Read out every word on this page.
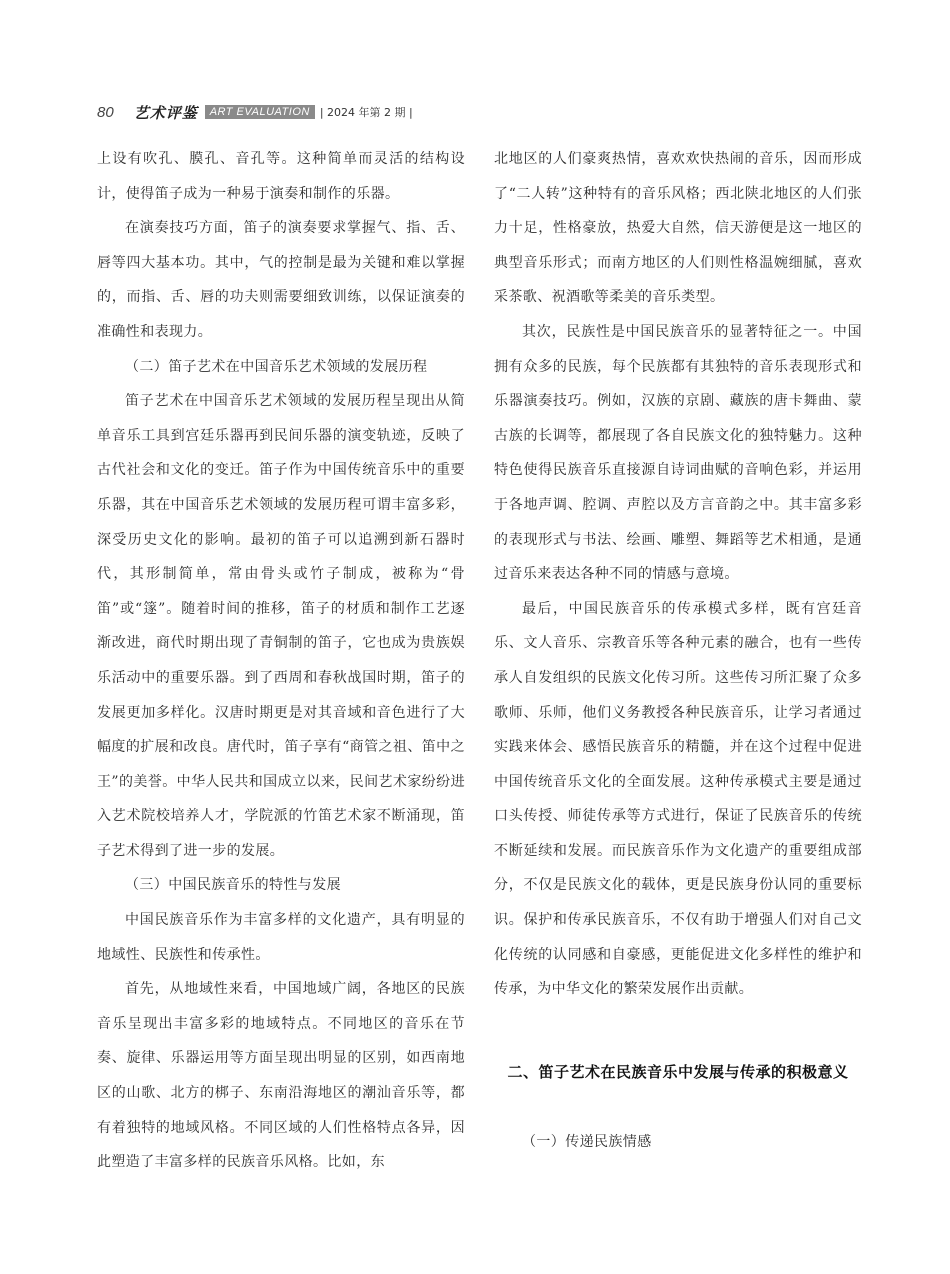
80 艺术评鉴	ART EVALUATION | 2024 年第 2 期 |

上设有吹孔、膜孔、音孔等。这种简单而灵活的结构设计，使得笛子成为一种易于演奏和制作的乐器。

在演奏技巧方面，笛子的演奏要求掌握气、指、舌、唇等四大基本功。其中，气的控制是最为关键和难以掌握的，而指、舌、唇的功夫则需要细致训练，以保证演奏的准确性和表现力。

（二）笛子艺术在中国音乐艺术领域的发展历程

笛子艺术在中国音乐艺术领域的发展历程呈现出从简单音乐工具到宫廷乐器再到民间乐器的演变轨迹，反映了古代社会和文化的变迁。笛子作为中国传统音乐中的重要乐器，其在中国音乐艺术领域的发展历程可谓丰富多彩，深受历史文化的影响。最初的笛子可以追溯到新石器时代，其形制简单，常由骨头或竹子制成，被称为“骨笛”或“篴”。随着时间的推移，笛子的材质和制作工艺逐渐改进，商代时期出现了青铜制的笛子，它也成为贵族娱乐活动中的重要乐器。到了西周和春秋战国时期，笛子的发展更加多样化。汉唐时期更是对其音域和音色进行了大幅度的扩展和改良。唐代时，笛子享有“商管之祖、笛中之王”的美誉。中华人民共和国成立以来，民间艺术家纷纷进入艺术院校培养人才，学院派的竹笛艺术家不断涌现，笛子艺术得到了进一步的发展。

（三）中国民族音乐的特性与发展

中国民族音乐作为丰富多样的文化遗产，具有明显的地域性、民族性和传承性。

首先，从地域性来看，中国地域广阔，各地区的民族音乐呈现出丰富多彩的地域特点。不同地区的音乐在节奏、旋律、乐器运用等方面呈现出明显的区别，如西南地区的山歌、北方的梆子、东南沿海地区的潮汕音乐等，都有着独特的地域风格。不同区域的人们性格特点各异，因此塑造了丰富多样的民族音乐风格。比如，东

北地区的人们豪爽热情，喜欢欢快热闹的音乐，因而形成了“二人转”这种特有的音乐风格；西北陕北地区的人们张力十足，性格豪放，热爱大自然，信天游便是这一地区的典型音乐形式；而南方地区的人们则性格温婉细腻，喜欢采茶歌、祝酒歌等柔美的音乐类型。

其次，民族性是中国民族音乐的显著特征之一。中国拥有众多的民族，每个民族都有其独特的音乐表现形式和乐器演奏技巧。例如，汉族的京剧、藏族的唐卡舞曲、蒙古族的长调等，都展现了各自民族文化的独特魅力。这种特色使得民族音乐直接源自诗词曲赋的音响色彩，并运用于各地声调、腔调、声腔以及方言音韵之中。其丰富多彩的表现形式与书法、绘画、雕塑、舞蹈等艺术相通，是通过音乐来表达各种不同的情感与意境。

最后，中国民族音乐的传承模式多样，既有宫廷音乐、文人音乐、宗教音乐等各种元素的融合，也有一些传承人自发组织的民族文化传习所。这些传习所汇聚了众多歌师、乐师，他们义务教授各种民族音乐，让学习者通过实践来体会、感悟民族音乐的精髓，并在这个过程中促进中国传统音乐文化的全面发展。这种传承模式主要是通过口头传授、师徒传承等方式进行，保证了民族音乐的传统不断延续和发展。而民族音乐作为文化遗产的重要组成部分，不仅是民族文化的载体，更是民族身份认同的重要标识。保护和传承民族音乐，不仅有助于增强人们对自己文化传统的认同感和自豪感，更能促进文化多样性的维护和传承，为中华文化的繁荣发展作出贡献。

二、笛子艺术在民族音乐中发展与传承的积极意义

（一）传递民族情感
